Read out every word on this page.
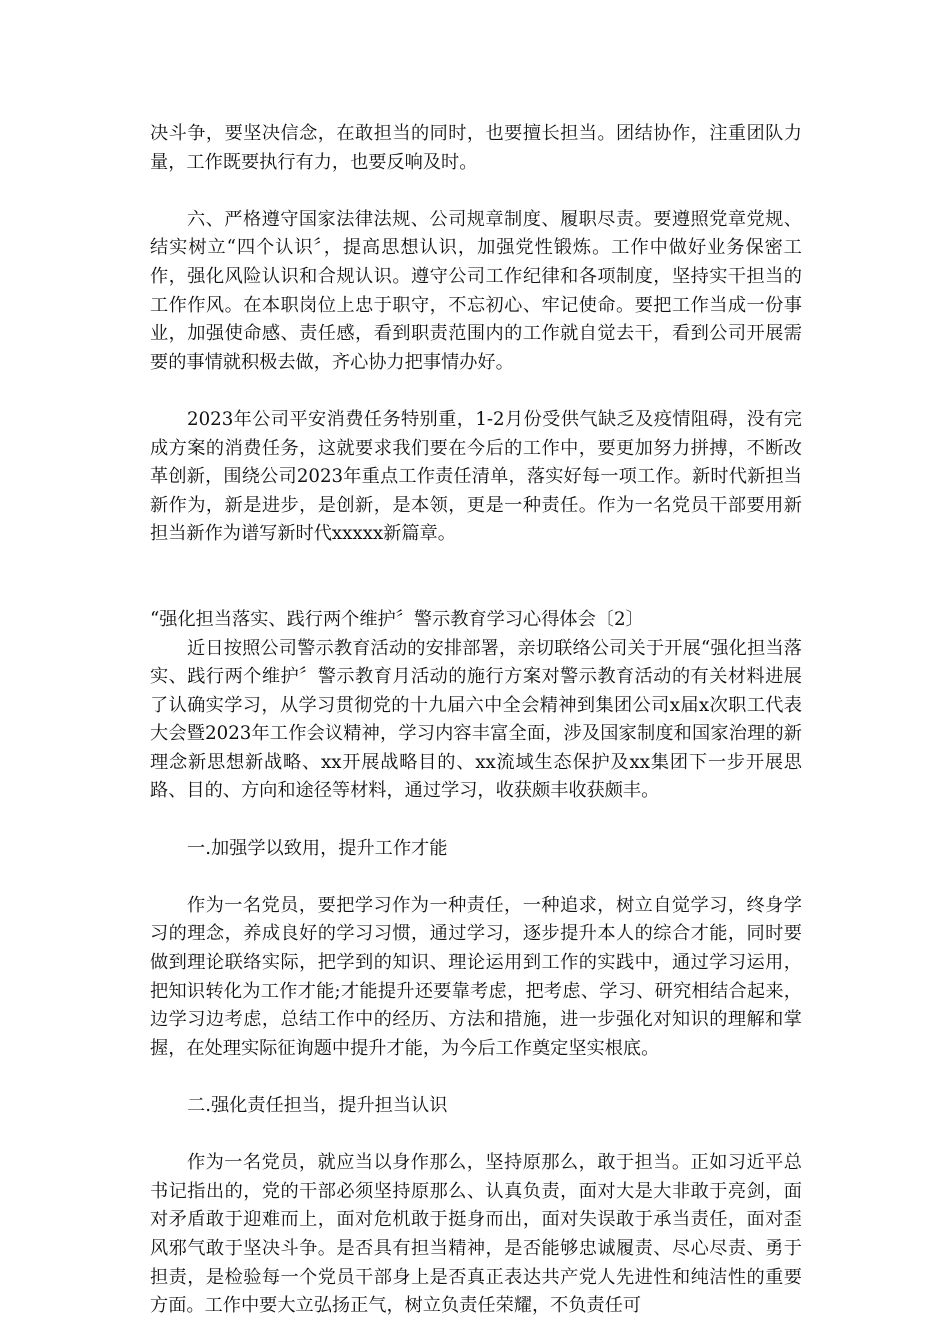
决斗争，要坚决信念，在敢担当的同时，也要擅长担当。团结协作，注重团队力量，工作既要执行有力，也要反响及时。

六、严格遵守国家法律法规、公司规章制度、履职尽责。要遵照党章党规、结实树立“四个认识〞，提高思想认识，加强党性锻炼。工作中做好业务保密工作，强化风险认识和合规认识。遵守公司工作纪律和各项制度，坚持实干担当的工作作风。在本职岗位上忠于职守，不忘初心、牢记使命。要把工作当成一份事业，加强使命感、责任感，看到职责范围内的工作就自觉去干，看到公司开展需要的事情就积极去做，齐心协力把事情办好。

2023年公司平安消费任务特别重，1-2月份受供气缺乏及疫情阻碍，没有完成方案的消费任务，这就要求我们要在今后的工作中，要更加努力拼搏，不断改革创新，围绕公司2023年重点工作责任清单，落实好每一项工作。新时代新担当新作为，新是进步，是创新，是本领，更是一种责任。作为一名党员干部要用新担当新作为谱写新时代xxxxx新篇章。

“强化担当落实、践行两个维护〞警示教育学习心得体会〔2〕

近日按照公司警示教育活动的安排部署，亲切联络公司关于开展“强化担当落实、践行两个维护〞警示教育月活动的施行方案对警示教育活动的有关材料进展了认确实学习，从学习贯彻党的十九届六中全会精神到集团公司x届x次职工代表大会暨2023年工作会议精神，学习内容丰富全面，涉及国家制度和国家治理的新理念新思想新战略、xx开展战略目的、xx流域生态保护及xx集团下一步开展思路、目的、方向和途径等材料，通过学习，收获颇丰收获颇丰。

一.加强学以致用，提升工作才能

作为一名党员，要把学习作为一种责任，一种追求，树立自觉学习，终身学习的理念，养成良好的学习习惯，通过学习，逐步提升本人的综合才能，同时要做到理论联络实际，把学到的知识、理论运用到工作的实践中，通过学习运用，把知识转化为工作才能;才能提升还要靠考虑，把考虑、学习、研究相结合起来，边学习边考虑，总结工作中的经历、方法和措施，进一步强化对知识的理解和掌握，在处理实际征询题中提升才能，为今后工作奠定坚实根底。

二.强化责任担当，提升担当认识

作为一名党员，就应当以身作那么，坚持原那么，敢于担当。正如习近平总书记指出的，党的干部必须坚持原那么、认真负责，面对大是大非敢于亮剑，面对矛盾敢于迎难而上，面对危机敢于挺身而出，面对失误敢于承当责任，面对歪风邪气敢于坚决斗争。是否具有担当精神，是否能够忠诚履责、尽心尽责、勇于担责，是检验每一个党员干部身上是否真正表达共产党人先进性和纯洁性的重要方面。工作中要大立弘扬正气，树立负责任荣耀，不负责任可
